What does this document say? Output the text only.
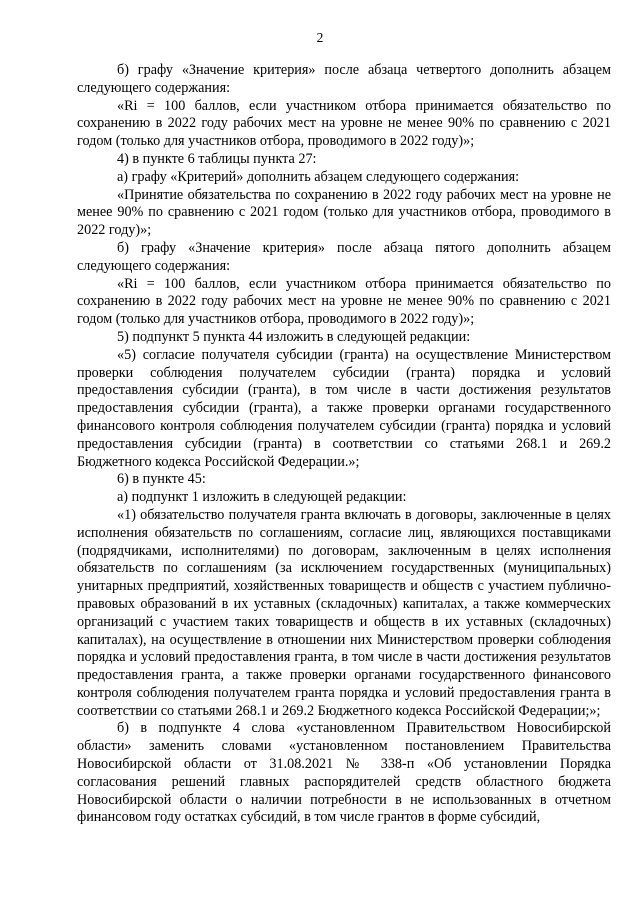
2

б) графу «Значение критерия» после абзаца четвертого дополнить абзацем следующего содержания:

«Ri = 100 баллов, если участником отбора принимается обязательство по сохранению в 2022 году рабочих мест на уровне не менее 90% по сравнению с 2021 годом (только для участников отбора, проводимого в 2022 году)»;

4) в пункте 6 таблицы пункта 27:

а) графу «Критерий» дополнить абзацем следующего содержания:

«Принятие обязательства по сохранению в 2022 году рабочих мест на уровне не менее 90% по сравнению с 2021 годом (только для участников отбора, проводимого в 2022 году)»;

б) графу «Значение критерия» после абзаца пятого дополнить абзацем следующего содержания:

«Ri = 100 баллов, если участником отбора принимается обязательство по сохранению в 2022 году рабочих мест на уровне не менее 90% по сравнению с 2021 годом (только для участников отбора, проводимого в 2022 году)»;

5) подпункт 5 пункта 44 изложить в следующей редакции:

«5) согласие получателя субсидии (гранта) на осуществление Министерством проверки соблюдения получателем субсидии (гранта) порядка и условий предоставления субсидии (гранта), в том числе в части достижения результатов предоставления субсидии (гранта), а также проверки органами государственного финансового контроля соблюдения получателем субсидии (гранта) порядка и условий предоставления субсидии (гранта) в соответствии со статьями 268.1 и 269.2 Бюджетного кодекса Российской Федерации.»;

6) в пункте 45:

а) подпункт 1 изложить в следующей редакции:

«1) обязательство получателя гранта включать в договоры, заключенные в целях исполнения обязательств по соглашениям, согласие лиц, являющихся поставщиками (подрядчиками, исполнителями) по договорам, заключенным в целях исполнения обязательств по соглашениям (за исключением государственных (муниципальных) унитарных предприятий, хозяйственных товариществ и обществ с участием публично-правовых образований в их уставных (складочных) капиталах, а также коммерческих организаций с участием таких товариществ и обществ в их уставных (складочных) капиталах), на осуществление в отношении них Министерством проверки соблюдения порядка и условий предоставления гранта, в том числе в части достижения результатов предоставления гранта, а также проверки органами государственного финансового контроля соблюдения получателем гранта порядка и условий предоставления гранта в соответствии со статьями 268.1 и 269.2 Бюджетного кодекса Российской Федерации;»;

б) в подпункте 4 слова «установленном Правительством Новосибирской области» заменить словами «установленном постановлением Правительства Новосибирской области от 31.08.2021 № 338-п «Об установлении Порядка согласования решений главных распорядителей средств областного бюджета Новосибирской области о наличии потребности в не использованных в отчетном финансовом году остатках субсидий, в том числе грантов в форме субсидий,
